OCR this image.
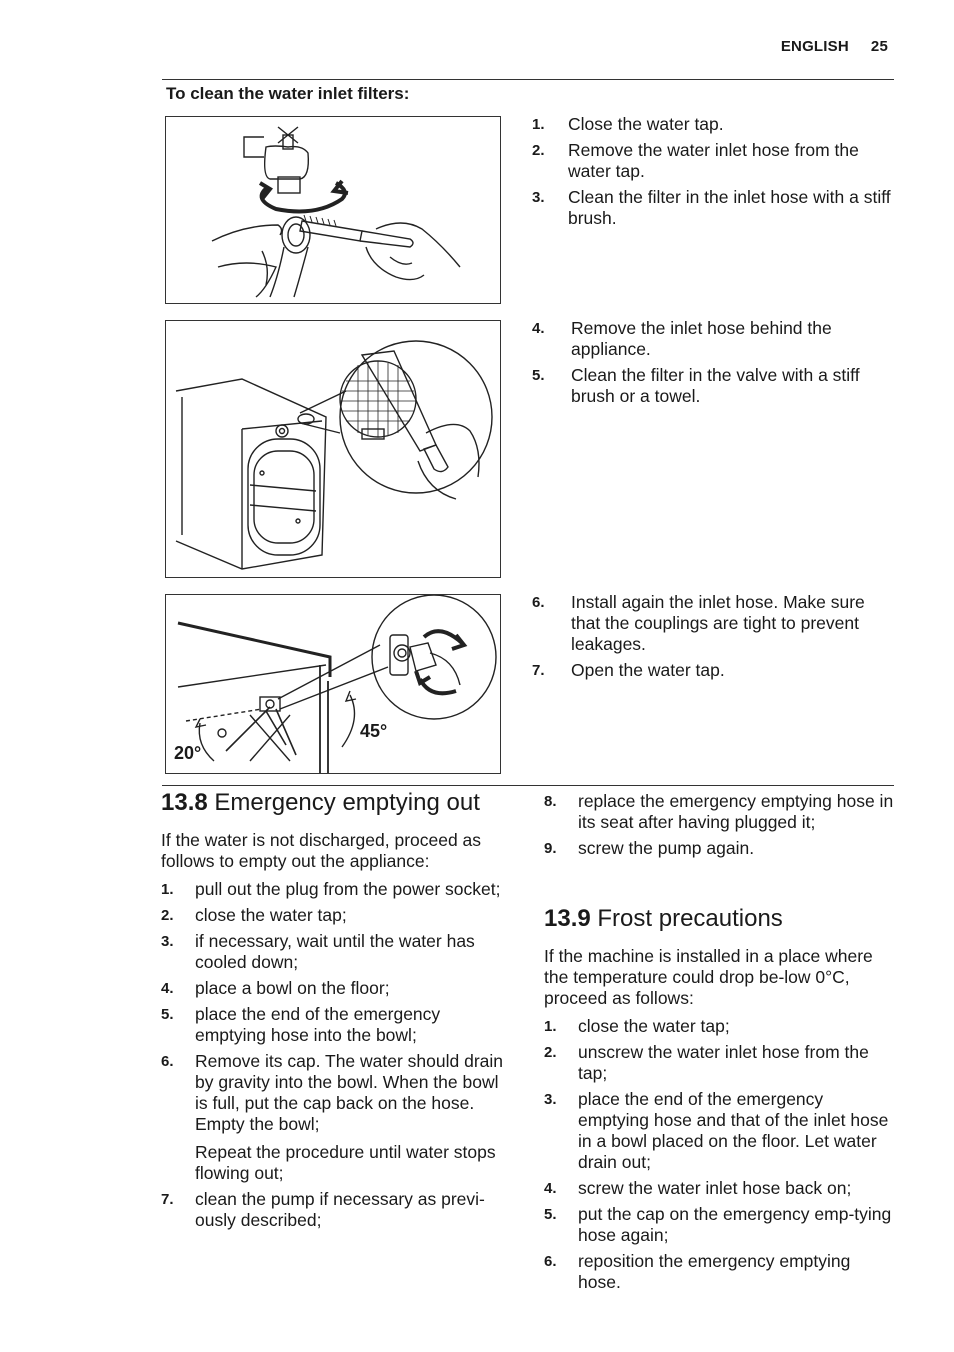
ENGLISH 25
To clean the water inlet filters:
1. Close the water tap.
2. Remove the water inlet hose from the water tap.
3. Clean the filter in the inlet hose with a stiff brush.
4. Remove the inlet hose behind the appliance.
5. Clean the filter in the valve with a stiff brush or a towel.
45°
20°
6. Install again the inlet hose. Make sure that the couplings are tight to prevent leakages.
7. Open the water tap.
13.8 Emergency emptying out

If the water is not discharged, proceed as follows to empty out the appliance:

1. pull out the plug from the power socket;
2. close the water tap;
3. if necessary, wait until the water has cooled down;
4. place a bowl on the floor;
5. place the end of the emergency emptying hose into the bowl;
6. Remove its cap. The water should drain by gravity into the bowl. When the bowl is full, put the cap back on the hose. Empty the bowl;
Repeat the procedure until water stops flowing out;
7. clean the pump if necessary as previ-ously described;
8. replace the emergency emptying hose in its seat after having plugged it;
9. screw the pump again.
13.9 Frost precautions

If the machine is installed in a place where the temperature could drop be-low 0°C, proceed as follows:

1. close the water tap;
2. unscrew the water inlet hose from the tap;
3. place the end of the emergency emptying hose and that of the inlet hose in a bowl placed on the floor. Let water drain out;
4. screw the water inlet hose back on;
5. put the cap on the emergency emp-tying hose again;
6. reposition the emergency emptying hose.
